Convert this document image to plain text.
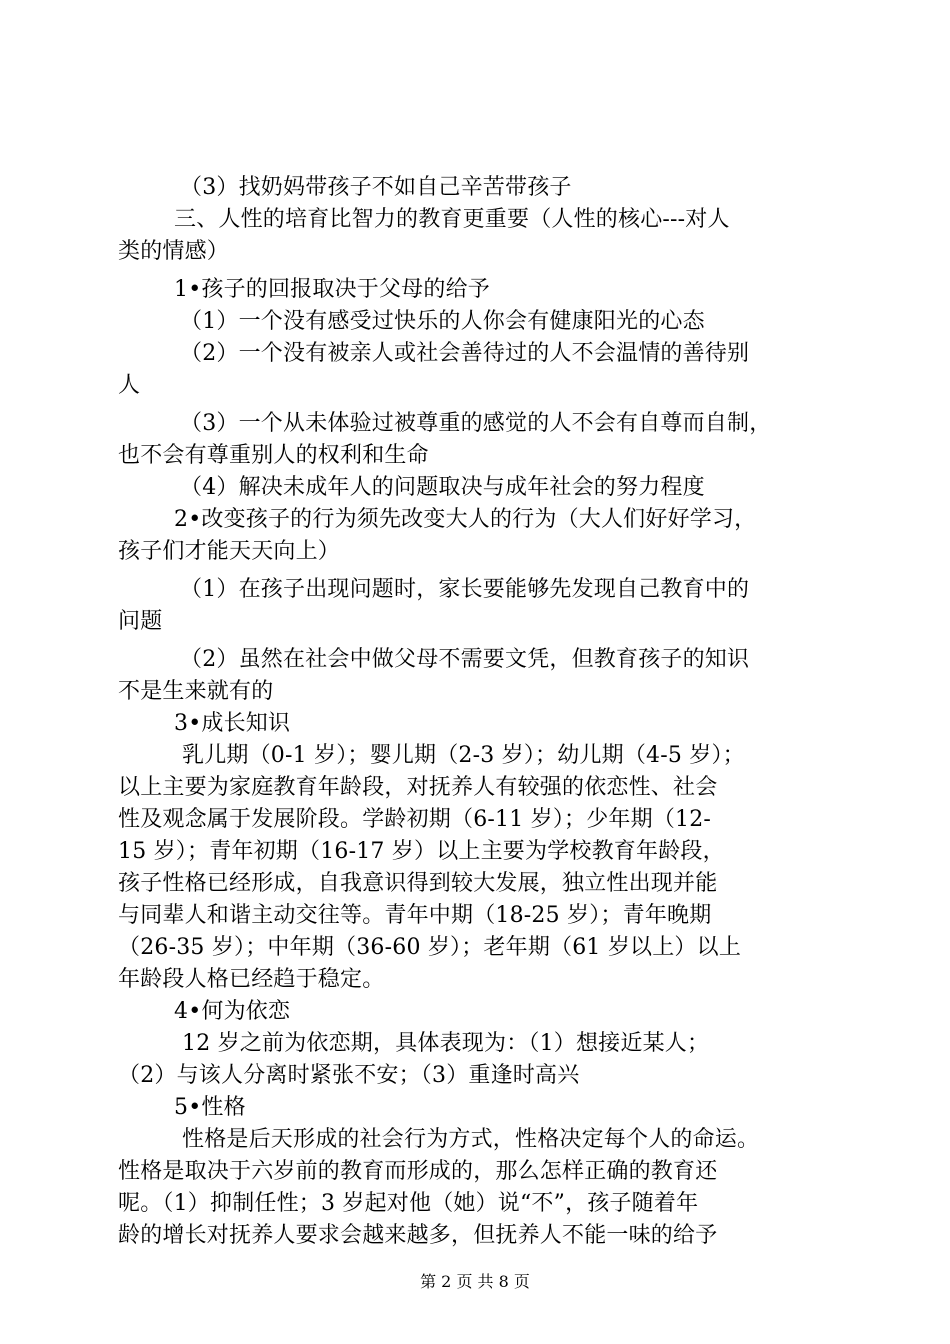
（3）找奶妈带孩子不如自己辛苦带孩子
三、人性的培育比智力的教育更重要（人性的核心---对人
类的情感）
1•孩子的回报取决于父母的给予
（1）一个没有感受过快乐的人你会有健康阳光的心态
（2）一个没有被亲人或社会善待过的人不会温情的善待别
人
（3）一个从未体验过被尊重的感觉的人不会有自尊而自制，
也不会有尊重别人的权利和生命
（4）解决未成年人的问题取决与成年社会的努力程度
2•改变孩子的行为须先改变大人的行为（大人们好好学习，
孩子们才能天天向上）
（1）在孩子出现问题时，家长要能够先发现自己教育中的
问题
（2）虽然在社会中做父母不需要文凭，但教育孩子的知识
不是生来就有的
3•成长知识
乳儿期（0-1 岁）；婴儿期（2-3 岁）；幼儿期（4-5 岁）；
以上主要为家庭教育年龄段，对抚养人有较强的依恋性、社会
性及观念属于发展阶段。学龄初期（6-11 岁）；少年期（12-
15 岁）；青年初期（16-17 岁）以上主要为学校教育年龄段，
孩子性格已经形成，自我意识得到较大发展，独立性出现并能
与同辈人和谐主动交往等。青年中期（18-25 岁）；青年晚期
（26-35 岁）；中年期（36-60 岁）；老年期（61 岁以上）以上
年龄段人格已经趋于稳定。
4•何为依恋
12 岁之前为依恋期，具体表现为：（1）想接近某人；
（2）与该人分离时紧张不安；（3）重逢时高兴
5•性格
性格是后天形成的社会行为方式，性格决定每个人的命运。
性格是取决于六岁前的教育而形成的，那么怎样正确的教育还
呢。（1）抑制任性；3 岁起对他（她）说“不”，孩子随着年
龄的增长对抚养人要求会越来越多，但抚养人不能一味的给予
第 2 页 共 8 页
